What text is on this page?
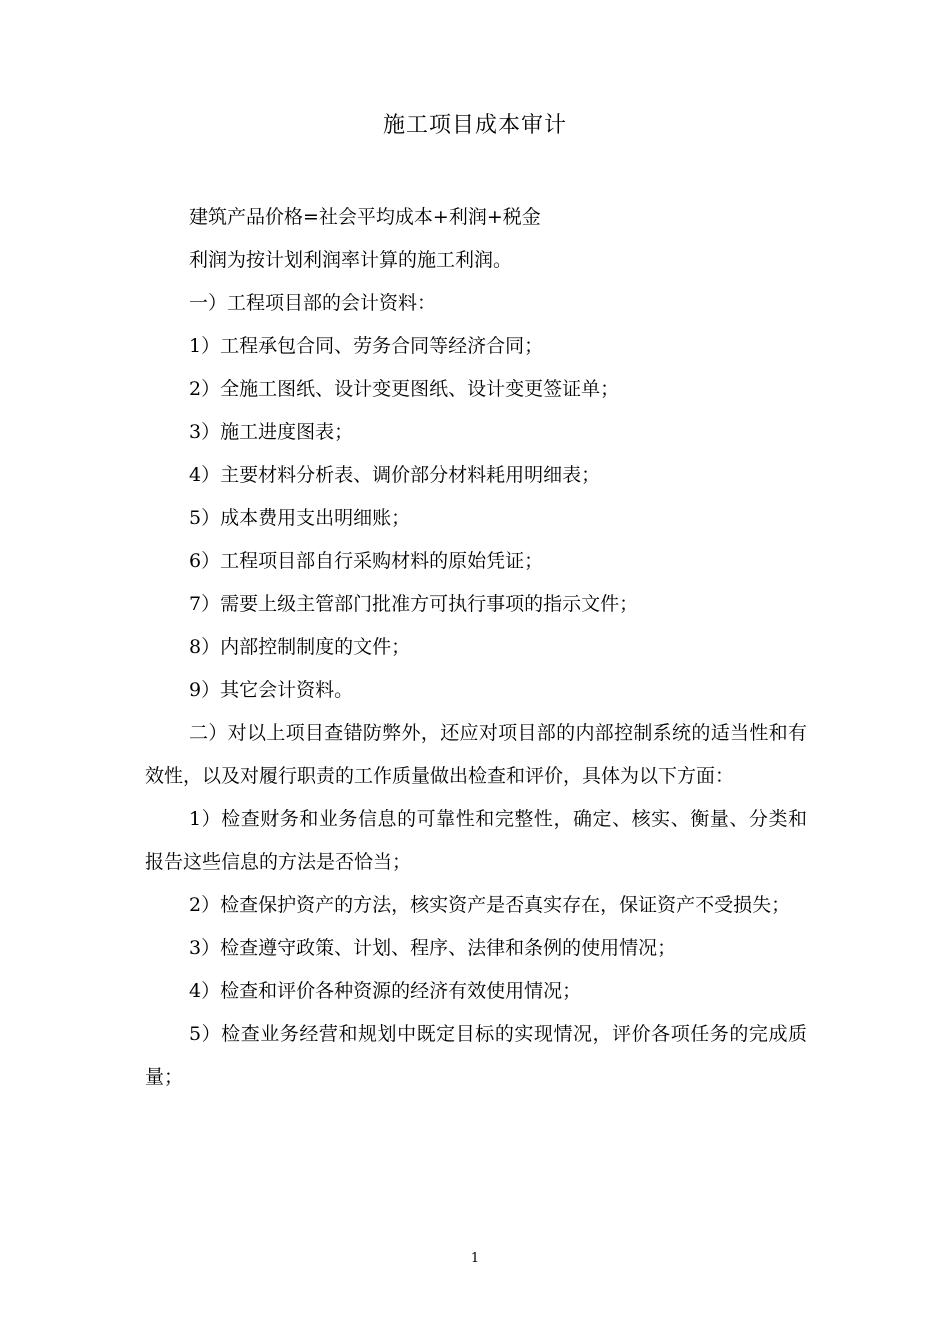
施工项目成本审计

建筑产品价格=社会平均成本+利润+税金

利润为按计划利润率计算的施工利润。

一）工程项目部的会计资料：

1）工程承包合同、劳务合同等经济合同；

2）全施工图纸、设计变更图纸、设计变更签证单；

3）施工进度图表；

4）主要材料分析表、调价部分材料耗用明细表；

5）成本费用支出明细账；

6）工程项目部自行采购材料的原始凭证；

7）需要上级主管部门批准方可执行事项的指示文件；

8）内部控制制度的文件；

9）其它会计资料。

二）对以上项目查错防弊外，还应对项目部的内部控制系统的适当性和有效性，以及对履行职责的工作质量做出检查和评价，具体为以下方面：

1）检查财务和业务信息的可靠性和完整性，确定、核实、衡量、分类和报告这些信息的方法是否恰当；

2）检查保护资产的方法，核实资产是否真实存在，保证资产不受损失；

3）检查遵守政策、计划、程序、法律和条例的使用情况；

4）检查和评价各种资源的经济有效使用情况；

5）检查业务经营和规划中既定目标的实现情况，评价各项任务的完成质量；

1
